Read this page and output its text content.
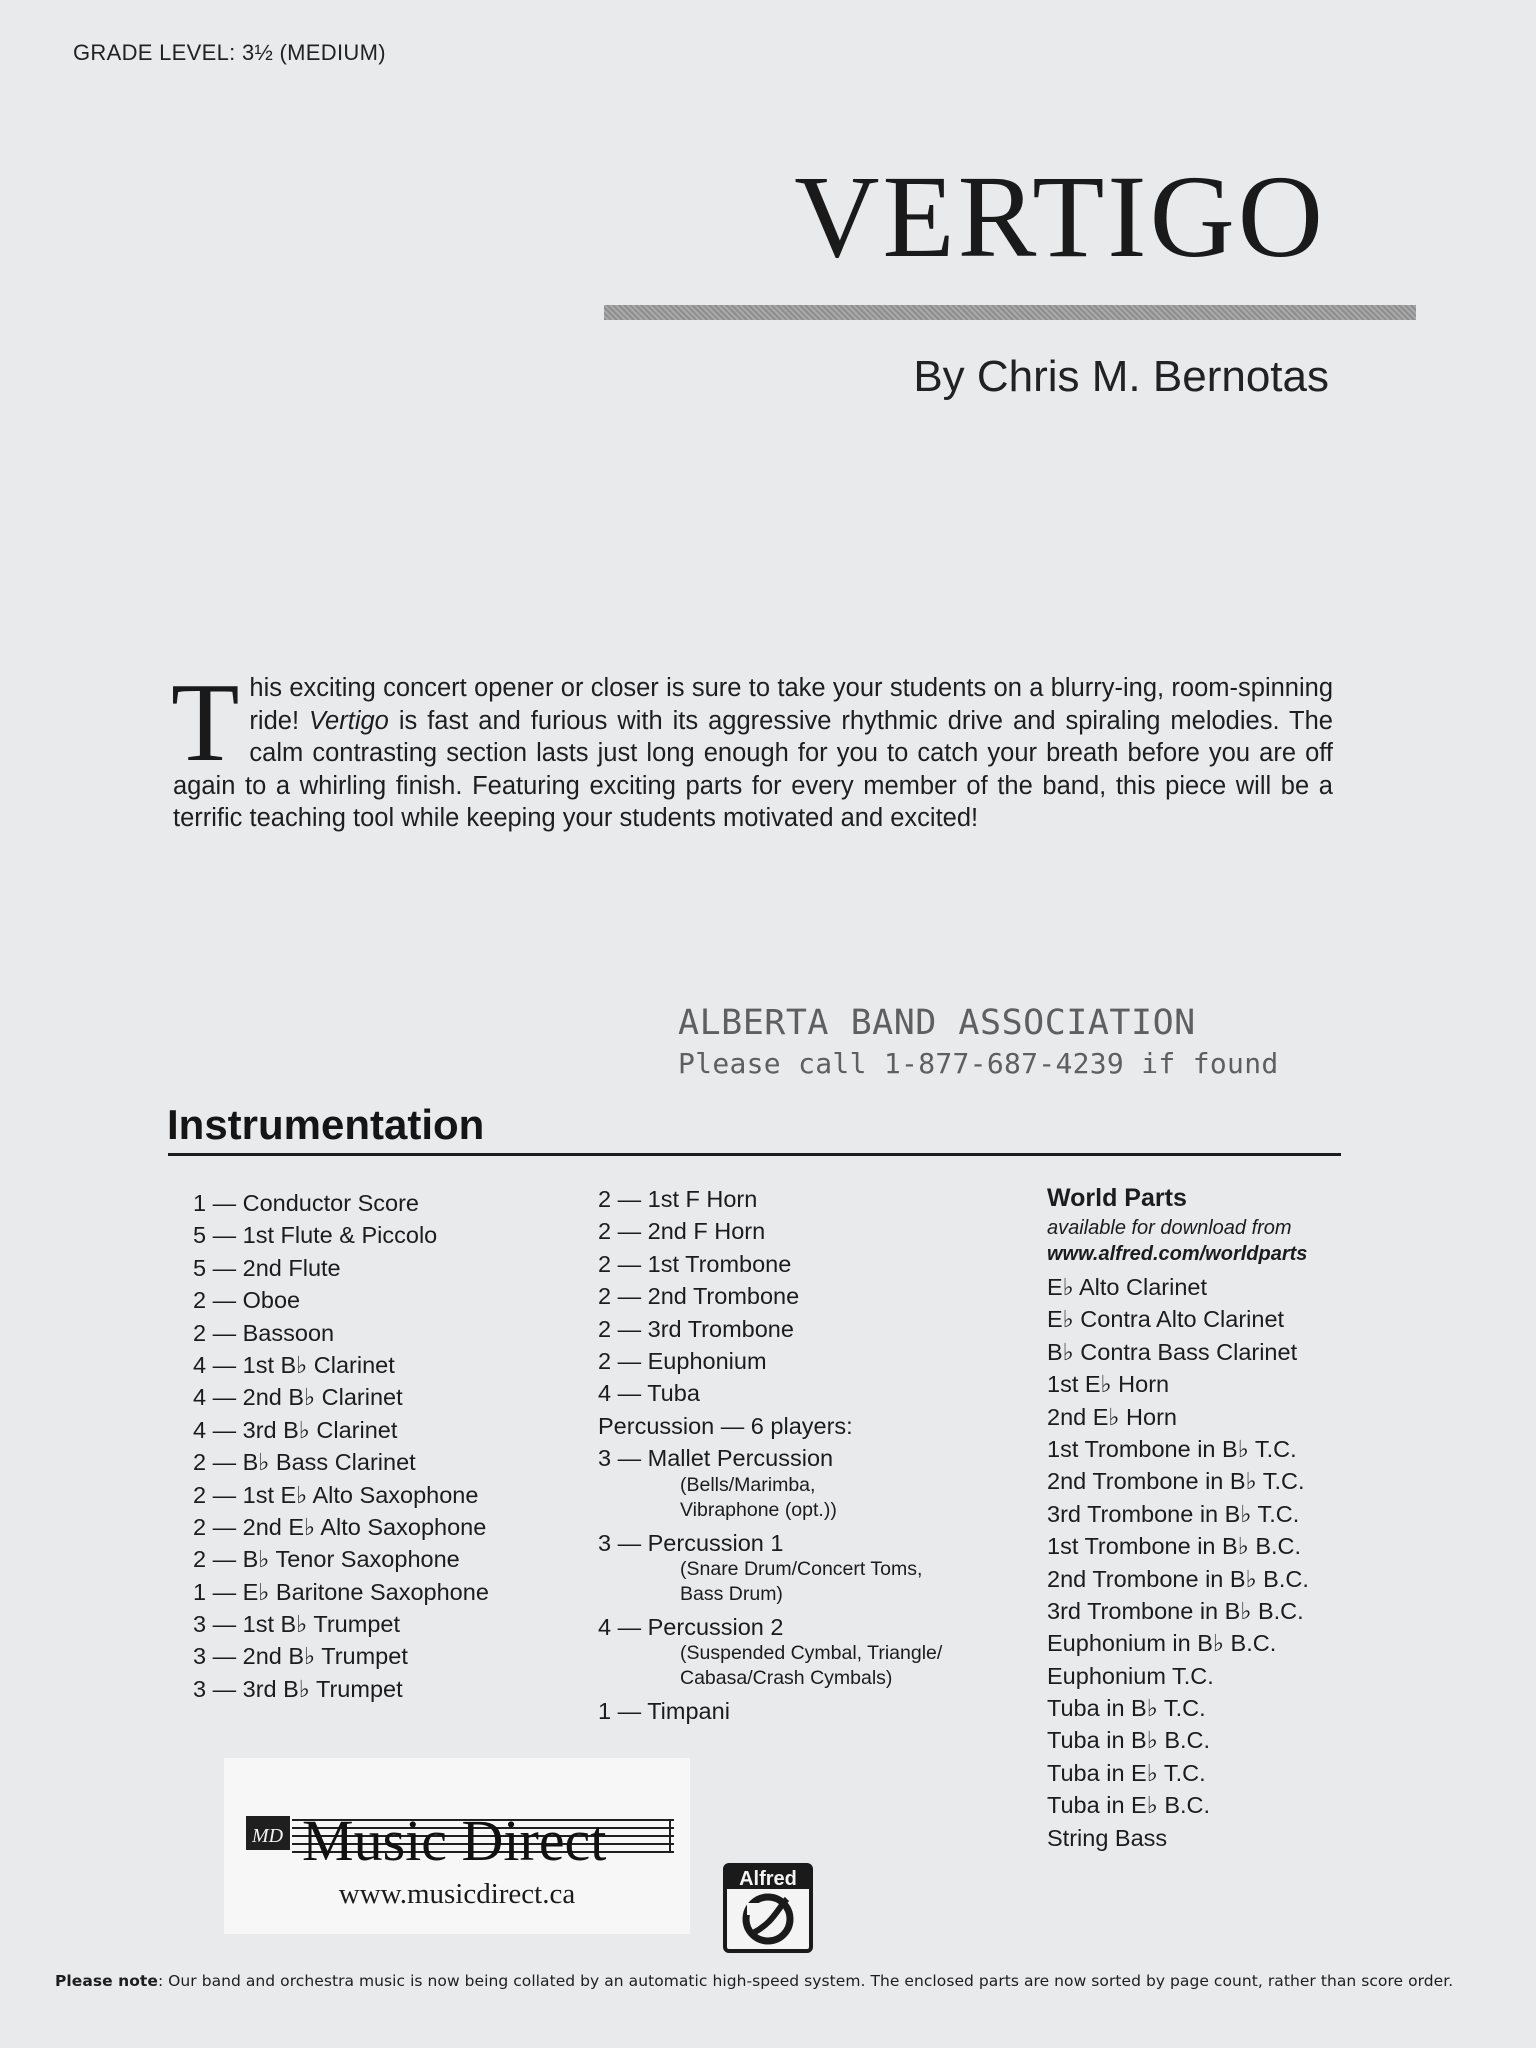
GRADE LEVEL: 3½ (MEDIUM)
VERTIGO
By Chris M. Bernotas
This exciting concert opener or closer is sure to take your students on a blurry-ing, room-spinning ride! Vertigo is fast and furious with its aggressive rhythmic drive and spiraling melodies. The calm contrasting section lasts just long enough for you to catch your breath before you are off again to a whirling finish. Featuring exciting parts for every member of the band, this piece will be a terrific teaching tool while keeping your students motivated and excited!
ALBERTA BAND ASSOCIATION
Please call 1-877-687-4239 if found
Instrumentation
1 — Conductor Score
5 — 1st Flute & Piccolo
5 — 2nd Flute
2 — Oboe
2 — Bassoon
4 — 1st B♭ Clarinet
4 — 2nd B♭ Clarinet
4 — 3rd B♭ Clarinet
2 — B♭ Bass Clarinet
2 — 1st E♭ Alto Saxophone
2 — 2nd E♭ Alto Saxophone
2 — B♭ Tenor Saxophone
1 — E♭ Baritone Saxophone
3 — 1st B♭ Trumpet
3 — 2nd B♭ Trumpet
3 — 3rd B♭ Trumpet
2 — 1st F Horn
2 — 2nd F Horn
2 — 1st Trombone
2 — 2nd Trombone
2 — 3rd Trombone
2 — Euphonium
4 — Tuba
Percussion — 6 players:
3 — Mallet Percussion
(Bells/Marimba,
Vibraphone (opt.))
3 — Percussion 1
(Snare Drum/Concert Toms,
Bass Drum)
4 — Percussion 2
(Suspended Cymbal, Triangle/
Cabasa/Crash Cymbals)
1 — Timpani
World Parts
available for download from
www.alfred.com/worldparts
E♭ Alto Clarinet
E♭ Contra Alto Clarinet
B♭ Contra Bass Clarinet
1st E♭ Horn
2nd E♭ Horn
1st Trombone in B♭ T.C.
2nd Trombone in B♭ T.C.
3rd Trombone in B♭ T.C.
1st Trombone in B♭ B.C.
2nd Trombone in B♭ B.C.
3rd Trombone in B♭ B.C.
Euphonium in B♭ B.C.
Euphonium T.C.
Tuba in B♭ T.C.
Tuba in B♭ B.C.
Tuba in E♭ T.C.
Tuba in E♭ B.C.
String Bass
MD Music Direct
www.musicdirect.ca	Alfred
Please note: Our band and orchestra music is now being collated by an automatic high-speed system. The enclosed parts are now sorted by page count, rather than score order.
